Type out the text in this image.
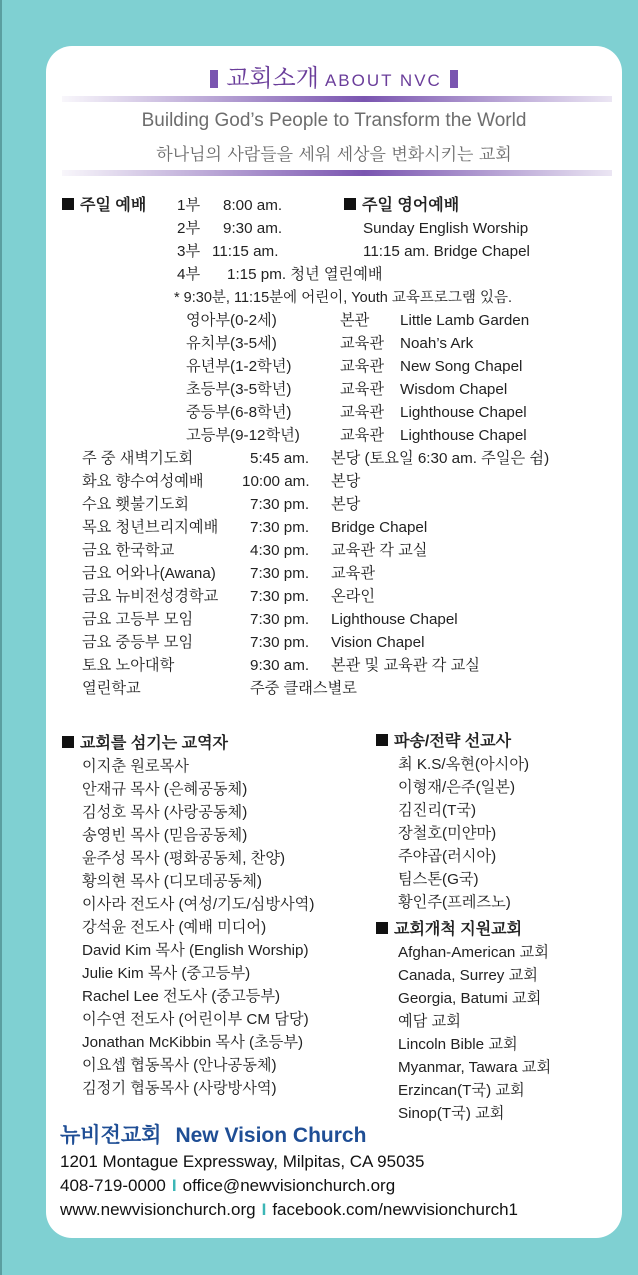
교회소개 ABOUT NVC
Building God’s People to Transform the World
하나님의 사람들을 세워 세상을 변화시키는 교회
주일 예배 1부 8:00 am.
2부 9:30 am.
3부 11:15 am.
4부 1:15 pm. 청년 열린예배
주일 영어예배
Sunday English Worship
11:15 am. Bridge Chapel
* 9:30분, 11:15분에 어린이, Youth 교육프로그램 있음.
영아부(0-2세)	본관 Little Lamb Garden
유치부(3-5세)	교육관 Noah’s Ark
유년부(1-2학년)	교육관 New Song Chapel
초등부(3-5학년)	교육관 Wisdom Chapel
중등부(6-8학년)	교육관 Lighthouse Chapel
고등부(9-12학년)	교육관 Lighthouse Chapel
주 중 새벽기도회	5:45 am. 본당 (토요일 6:30 am. 주일은 쉼)
화요 향수여성예배	10:00 am. 본당
수요 횃불기도회	7:30 pm. 본당
목요 청년브리지예배 7:30 pm. Bridge Chapel
금요 한국학교	4:30 pm. 교육관 각 교실
금요 어와나(Awana) 7:30 pm. 교육관
금요 뉴비전성경학교 7:30 pm. 온라인
금요 고등부 모임	7:30 pm. Lighthouse Chapel
금요 중등부 모임	7:30 pm. Vision Chapel
토요 노아대학	9:30 am. 본관 및 교육관 각 교실
열린학교	주중 클래스별로
교회를 섬기는 교역자
이지춘 원로목사
안재규 목사 (은혜공동체)
김성호 목사 (사랑공동체)
송영빈 목사 (믿음공동체)
윤주성 목사 (평화공동체, 찬양)
황의현 목사 (디모데공동체)
이사라 전도사 (여성/기도/심방사역)
강석윤 전도사 (예배 미디어)
David Kim 목사 (English Worship)
Julie Kim 목사 (중고등부)
Rachel Lee 전도사 (중고등부)
이수연 전도사 (어린이부 CM 담당)
Jonathan McKibbin 목사 (초등부)
이요셉 협동목사 (안나공동체)
김정기 협동목사 (사랑방사역)
파송/전략 선교사
최 K.S/옥현(아시아)
이형재/은주(일본)
김진리(T국)
장철호(미얀마)
주야곱(러시아)
팀스톤(G국)
황인주(프레즈노)
교회개척 지원교회
Afghan-American 교회
Canada, Surrey 교회
Georgia, Batumi 교회
예담 교회
Lincoln Bible 교회
Myanmar, Tawara 교회
Erzincan(T국) 교회
Sinop(T국) 교회
뉴비전교회 New Vision Church
1201 Montague Expressway, Milpitas, CA 95035
408-719-0000 I office@newvisionchurch.org
www.newvisionchurch.org I facebook.com/newvisionchurch1
